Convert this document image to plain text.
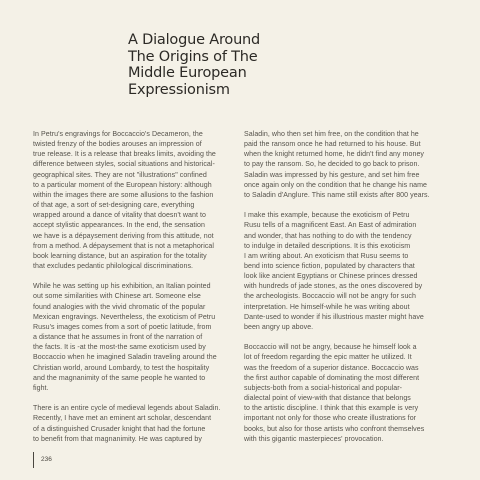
A Dialogue Around
The Origins of The
Middle European
Expressionism

In Petru's engravings for Boccaccio's Decameron, the
twisted frenzy of the bodies arouses an impression of
true release. It is a release that breaks limits, avoiding the
difference between styles, social situations and historical-
geographical sites. They are not "illustrations" confined
to a particular moment of the European history: although
within the images there are some allusions to the fashion
of that age, a sort of set-designing care, everything
wrapped around a dance of vitality that doesn't want to
accept stylistic appearances. In the end, the sensation
we have is a dépaysement deriving from this attitude, not
from a method. A dépaysement that is not a metaphorical
book learning distance, but an aspiration for the totality
that excludes pedantic philological discriminations.

While he was setting up his exhibition, an Italian pointed
out some similarities with Chinese art. Someone else
found analogies with the vivid chromatic of the popular
Mexican engravings. Nevertheless, the exoticism of Petru
Rusu's images comes from a sort of poetic latitude, from
a distance that he assumes in front of the narration of
the facts. It is -at the most-the same exoticism used by
Boccaccio when he imagined Saladin traveling around the
Christian world, around Lombardy, to test the hospitality
and the magnanimity of the same people he wanted to
fight.

There is an entire cycle of medieval legends about Saladin.
Recently, I have met an eminent art scholar, descendant
of a distinguished Crusader knight that had the fortune
to benefit from that magnanimity. He was captured by

Saladin, who then set him free, on the condition that he
paid the ransom once he had returned to his house. But
when the knight returned home, he didn't find any money
to pay the ransom. So, he decided to go back to prison.
Saladin was impressed by his gesture, and set him free
once again only on the condition that he change his name
to Saladin d'Anglure. This name still exists after 800 years.

I make this example, because the exoticism of Petru
Rusu tells of a magnificent East. An East of admiration
and wonder, that has nothing to do with the tendency
to indulge in detailed descriptions. It is this exoticism
I am writing about. An exoticism that Rusu seems to
bend into science fiction, populated by characters that
look like ancient Egyptians or Chinese princes dressed
with hundreds of jade stones, as the ones discovered by
the archeologists. Boccaccio will not be angry for such
interpretation. He himself-while he was writing about
Dante-used to wonder if his illustrious master might have
been angry up above.

Boccaccio will not be angry, because he himself look a
lot of freedom regarding the epic matter he utilized. It
was the freedom of a superior distance. Boccaccio was
the first author capable of dominating the most different
subjects-both from a social-historical and popular-
dialectal point of view-with that distance that belongs
to the artistic discipline. I think that this example is very
important not only for those who create illustrations for
books, but also for those artists who confront themselves
with this gigantic masterpieces' provocation.

236
